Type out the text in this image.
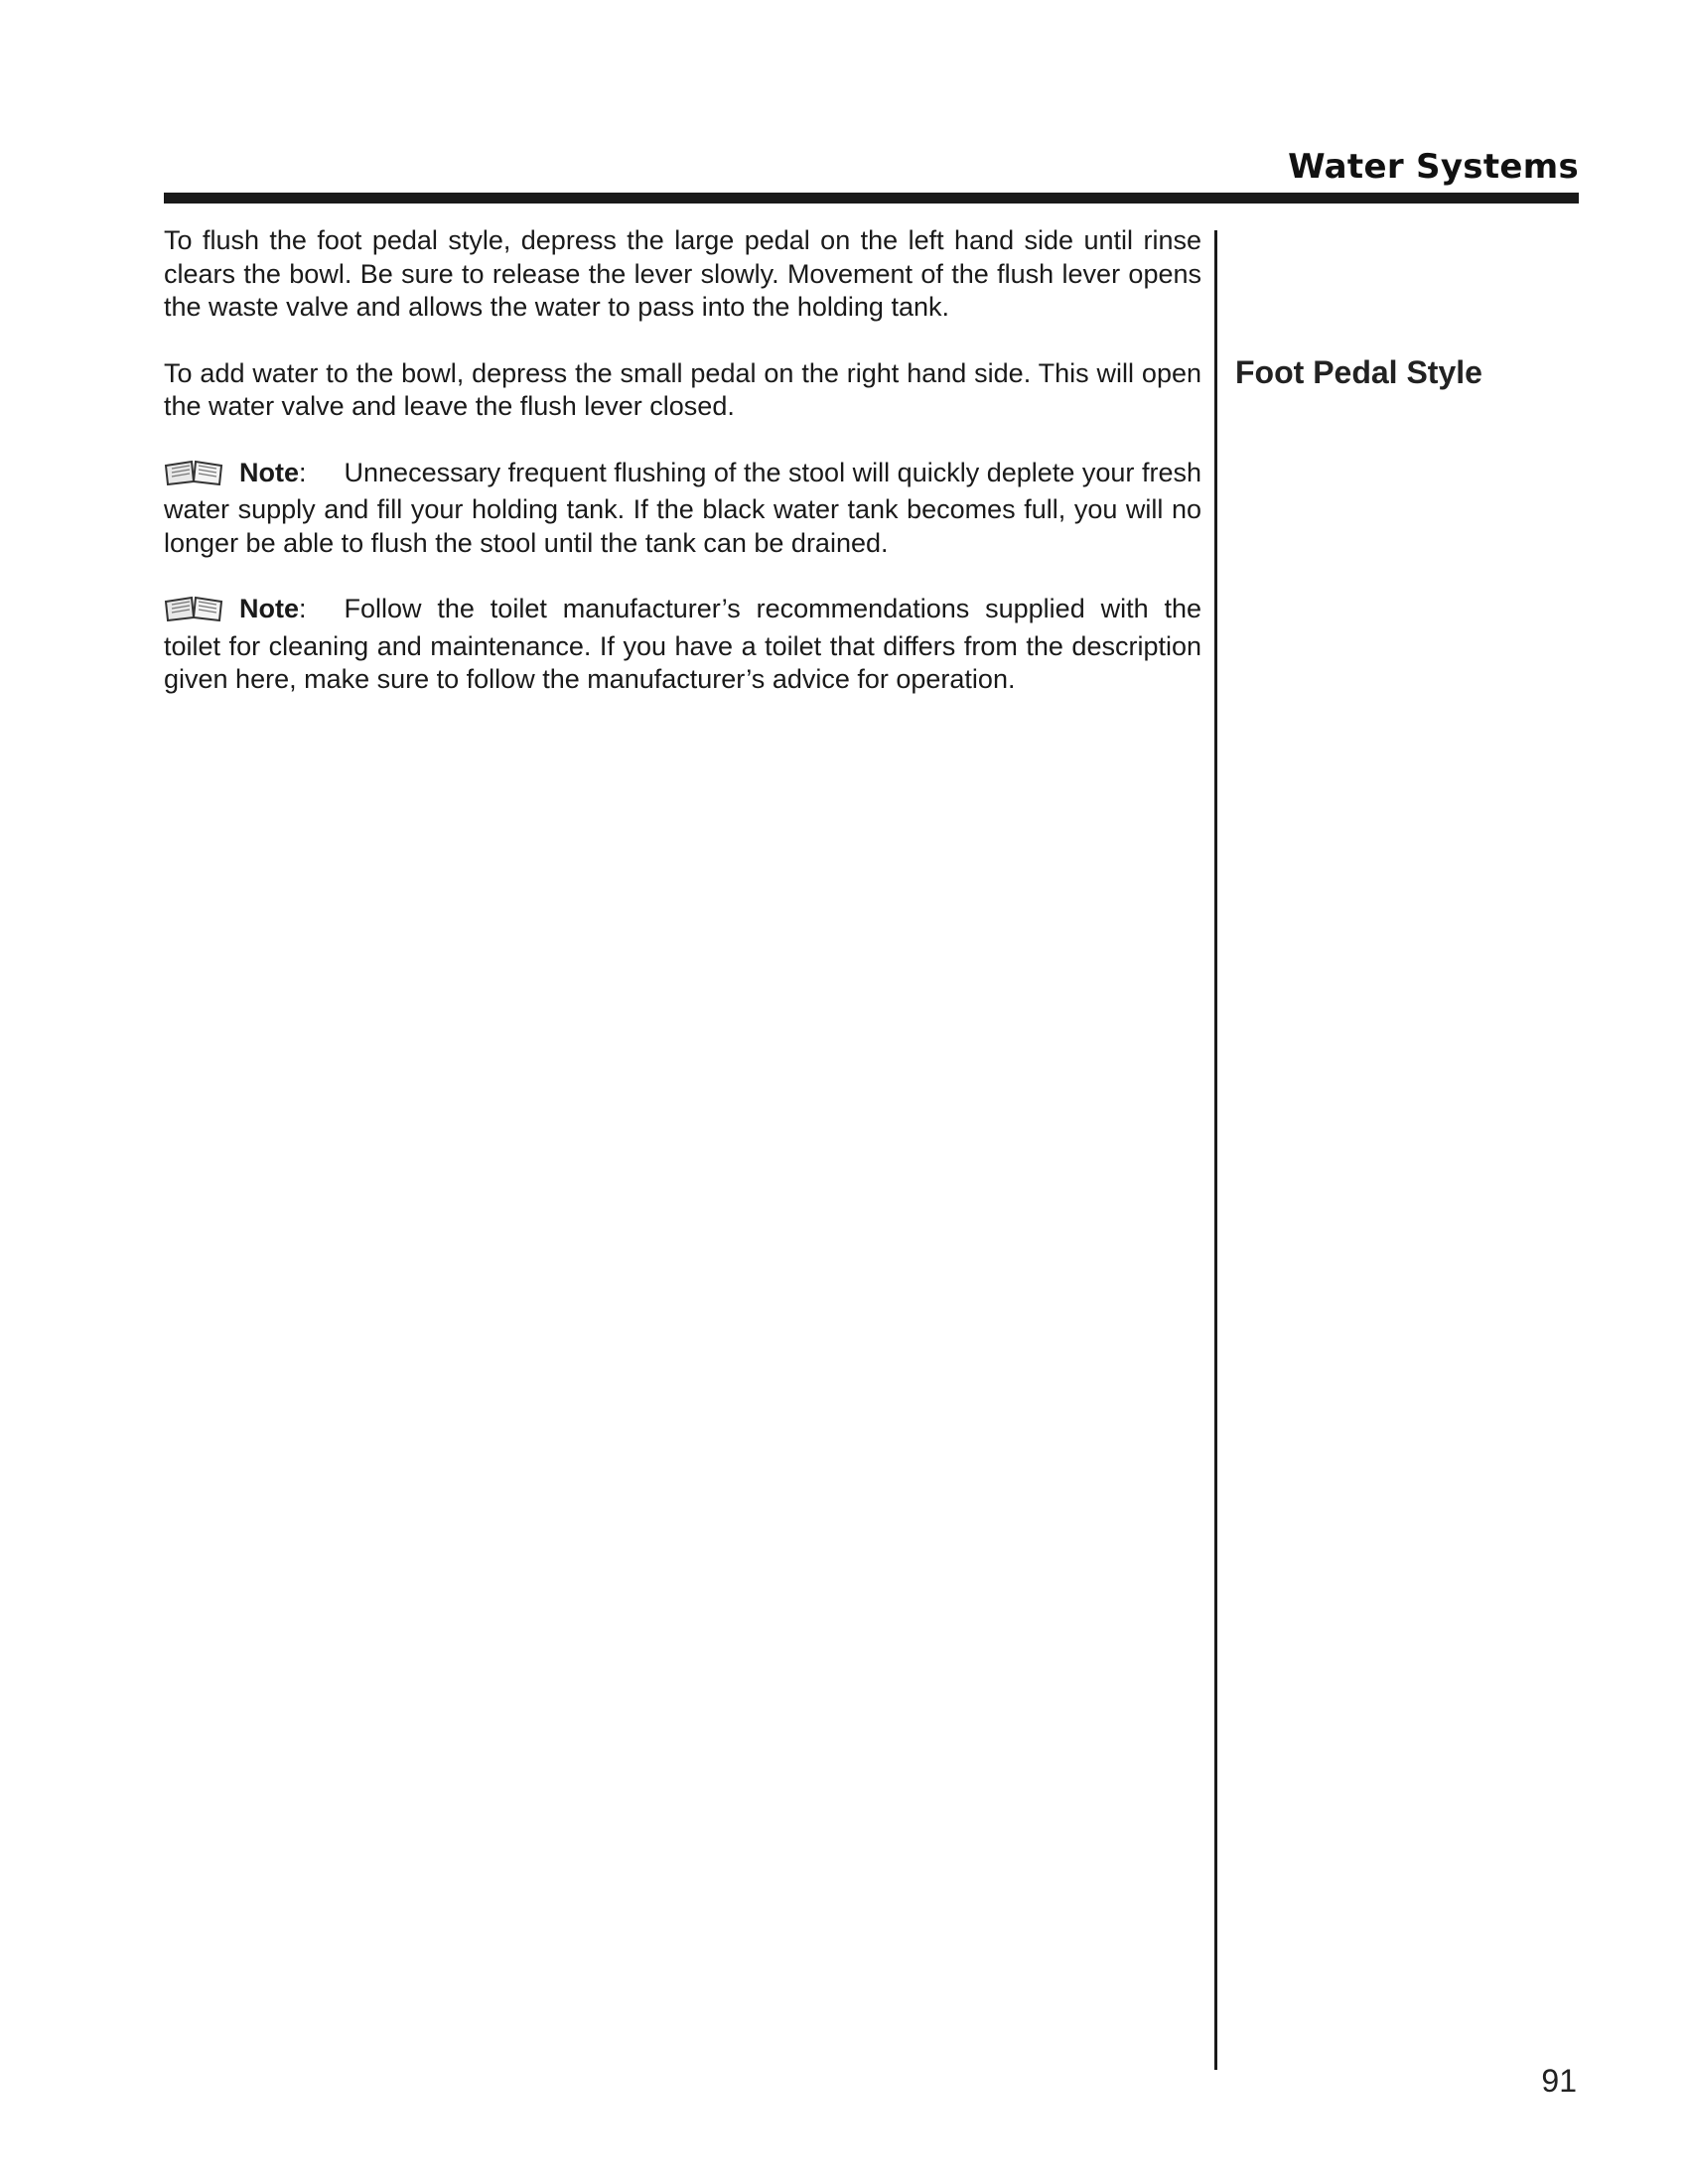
Water Systems

To flush the foot pedal style, depress the large pedal on the left hand side until rinse clears the bowl. Be sure to release the lever slowly. Movement of the flush lever opens the waste valve and allows the water to pass into the holding tank.

To add water to the bowl, depress the small pedal on the right hand side. This will open the water valve and leave the flush lever closed.

Note: Unnecessary frequent flushing of the stool will quickly deplete your fresh water supply and fill your holding tank. If the black water tank becomes full, you will no longer be able to flush the stool until the tank can be drained.

Note: Follow the toilet manufacturer’s recommendations supplied with the toilet for cleaning and maintenance. If you have a toilet that differs from the description given here, make sure to follow the manufacturer’s advice for operation.

Foot Pedal Style
91
